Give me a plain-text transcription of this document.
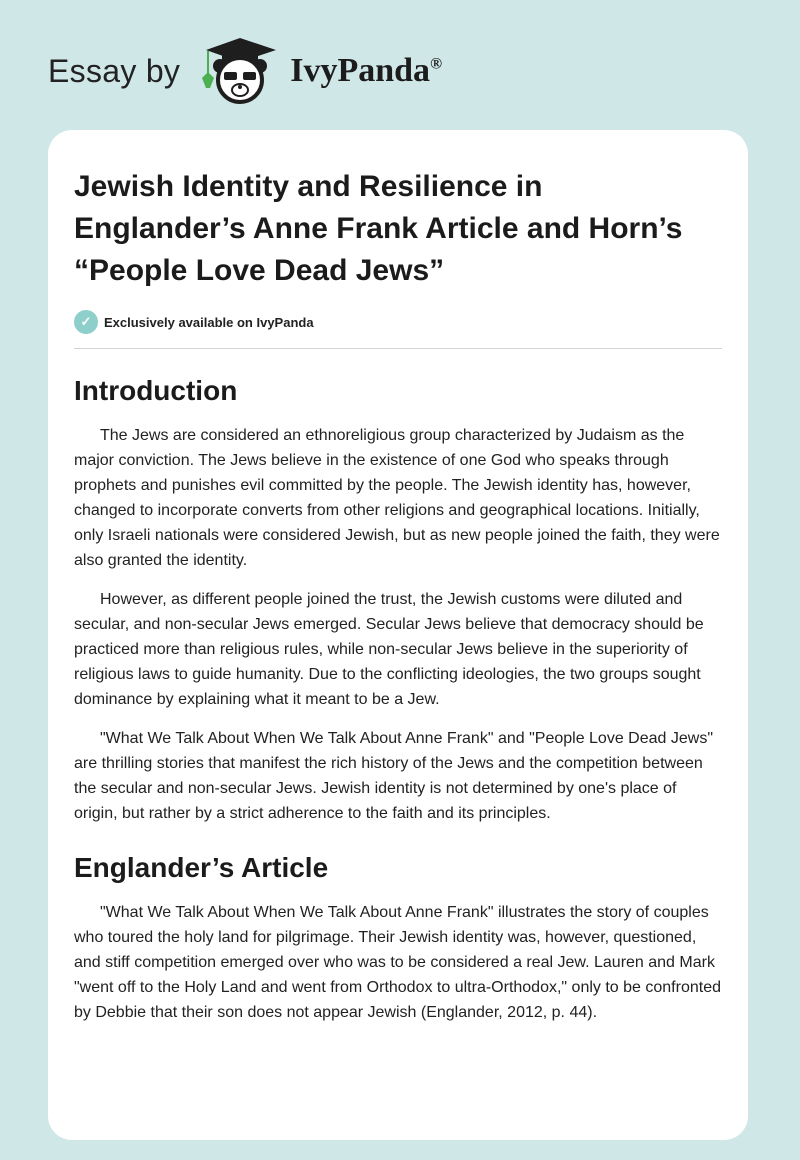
Essay by	IvyPanda®
Jewish Identity and Resilience in Englander’s Anne Frank Article and Horn’s “People Love Dead Jews”
✓ Exclusively available on IvyPanda
Introduction

The Jews are considered an ethnoreligious group characterized by Judaism as the major conviction. The Jews believe in the existence of one God who speaks through prophets and punishes evil committed by the people. The Jewish identity has, however, changed to incorporate converts from other religions and geographical locations. Initially, only Israeli nationals were considered Jewish, but as new people joined the faith, they were also granted the identity.

However, as different people joined the trust, the Jewish customs were diluted and secular, and non-secular Jews emerged. Secular Jews believe that democracy should be practiced more than religious rules, while non-secular Jews believe in the superiority of religious laws to guide humanity. Due to the conflicting ideologies, the two groups sought dominance by explaining what it meant to be a Jew.

"What We Talk About When We Talk About Anne Frank" and "People Love Dead Jews" are thrilling stories that manifest the rich history of the Jews and the competition between the secular and non-secular Jews. Jewish identity is not determined by one's place of origin, but rather by a strict adherence to the faith and its principles.

Englander’s Article

"What We Talk About When We Talk About Anne Frank" illustrates the story of couples who toured the holy land for pilgrimage. Their Jewish identity was, however, questioned, and stiff competition emerged over who was to be considered a real Jew. Lauren and Mark "went off to the Holy Land and went from Orthodox to ultra-Orthodox," only to be confronted by Debbie that their son does not appear Jewish (Englander, 2012, p. 44).
